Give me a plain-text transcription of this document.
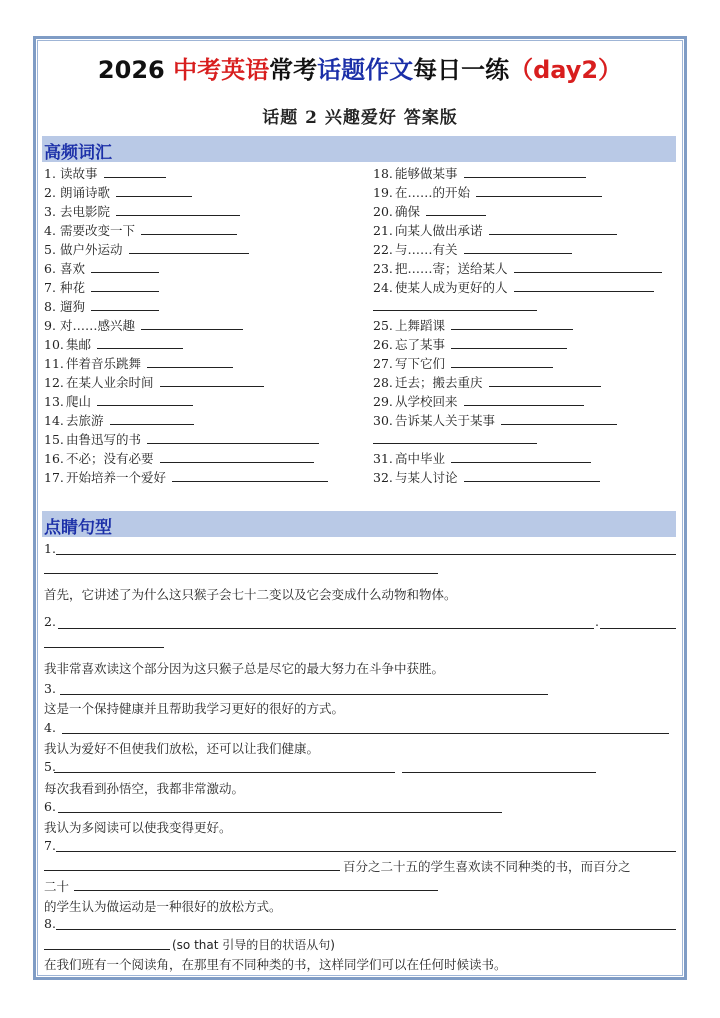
2026 中考英语常考话题作文每日一练（day2）
话题 2 兴趣爱好 答案版
高频词汇
1. 读故事
2. 朗诵诗歌
3. 去电影院
4. 需要改变一下
5. 做户外运动
6. 喜欢
7. 种花
8. 遛狗
9. 对……感兴趣
10. 集邮
11. 伴着音乐跳舞
12. 在某人业余时间
13. 爬山
14. 去旅游
15. 由鲁迅写的书
16. 不必；没有必要
17. 开始培养一个爱好
18. 能够做某事
19. 在……的开始
20. 确保
21. 向某人做出承诺
22. 与……有关
23. 把……寄；送给某人
24. 使某人成为更好的人
25. 上舞蹈课
26. 忘了某事
27. 写下它们
28. 迁去；搬去重庆
29. 从学校回来
30. 告诉某人关于某事
31. 高中毕业
32. 与某人讨论
点睛句型
1.
首先，它讲述了为什么这只猴子会七十二变以及它会变成什么动物和物体。
2.	.
我非常喜欢读这个部分因为这只猴子总是尽它的最大努力在斗争中获胜。
3.
这是一个保持健康并且帮助我学习更好的很好的方式。
4.
我认为爱好不但使我们放松，还可以让我们健康。
5.
每次我看到孙悟空，我都非常激动。
6.
我认为多阅读可以使我变得更好。
7.
百分之二十五的学生喜欢读不同种类的书，而百分之
二十
的学生认为做运动是一种很好的放松方式。
8.
(so that 引导的目的状语从句)
在我们班有一个阅读角，在那里有不同种类的书，这样同学们可以在任何时候读书。
